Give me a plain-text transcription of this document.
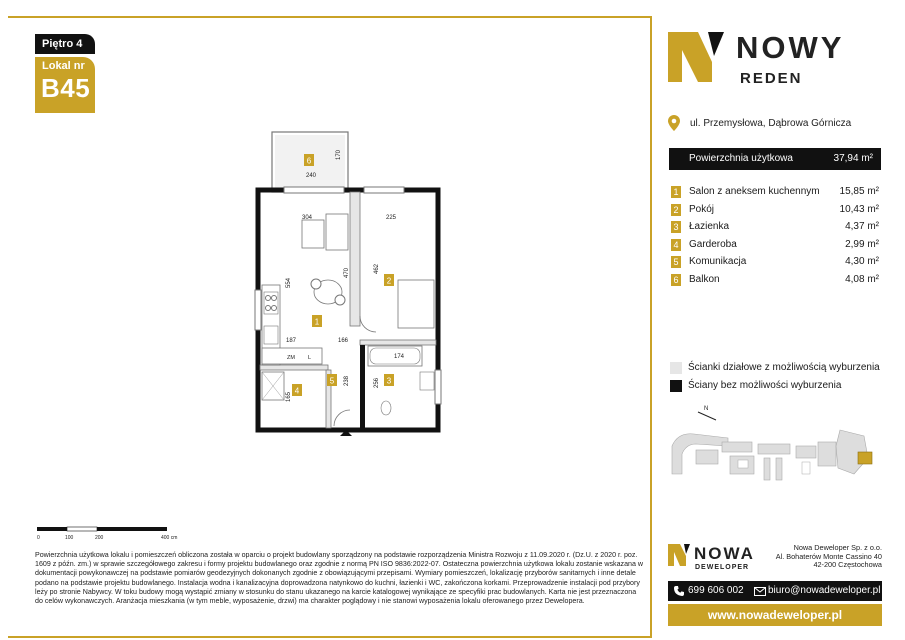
Piętro 4
Lokal nr
B45
240
170
304	225
554
470	462
187	166
174
256
238
165
ZM L
1
2
3
4
5
6
0	100	200	400 cm
Powierzchnia użytkowa lokalu i pomieszczeń obliczona została w oparciu o projekt budowlany sporządzony na podstawie rozporządzenia Ministra Rozwoju z 11.09.2020 r. (Dz.U. z 2020 r. poz. 1609 z późn. zm.) w sprawie szczegółowego zakresu i formy projektu budowlanego oraz zgodnie z normą PN ISO 9836:2022-07. Ostateczna powierzchnia użytkowa lokalu zostanie wskazana w dokumentacji powykonawczej na podstawie pomiarów geodezyjnych dokonanych zgodnie z obowiązującymi przepisami. Wymiary pomieszczeń, lokalizację przyborów sanitarnych i inne detale podano na podstawie projektu budowlanego. Instalacja wodna i kanalizacyjna doprowadzona natynkowo do kuchni, łazienki i WC, zakończona korkami. Przeprowadzenie instalacji pod przybory leży po stronie Nabywcy. W toku budowy mogą wystąpić zmiany w stosunku do stanu ukazanego na karcie katalogowej wynikające ze specyfiki prac budowlanych. Karta nie jest przeznaczona do celów wykonawczych. Aranżacja mieszkania (w tym meble, wyposażenie, drzwi) ma charakter poglądowy i nie stanowi wyposażenia lokalu oferowanego przez Dewelopera.
NOWY
REDEN
ul. Przemysłowa, Dąbrowa Górnicza
Powierzchnia użytkowa	37,94 m²
1 Salon z aneksem kuchennym 15,85 m²
2 Pokój	10,43 m²
3 Łazienka	4,37 m²
4 Garderoba	2,99 m²
5 Komunikacja	4,30 m²
6 Balkon	4,08 m²
Ścianki działowe z możliwością wyburzenia
Ściany bez możliwości wyburzenia
N
NOWA
DEWELOPER
Nowa Deweloper Sp. z o.o.
Al. Bohaterów Monte Cassino 40
42-200 Częstochowa
699 606 002 biuro@nowadeweloper.pl
www.nowadeweloper.pl
